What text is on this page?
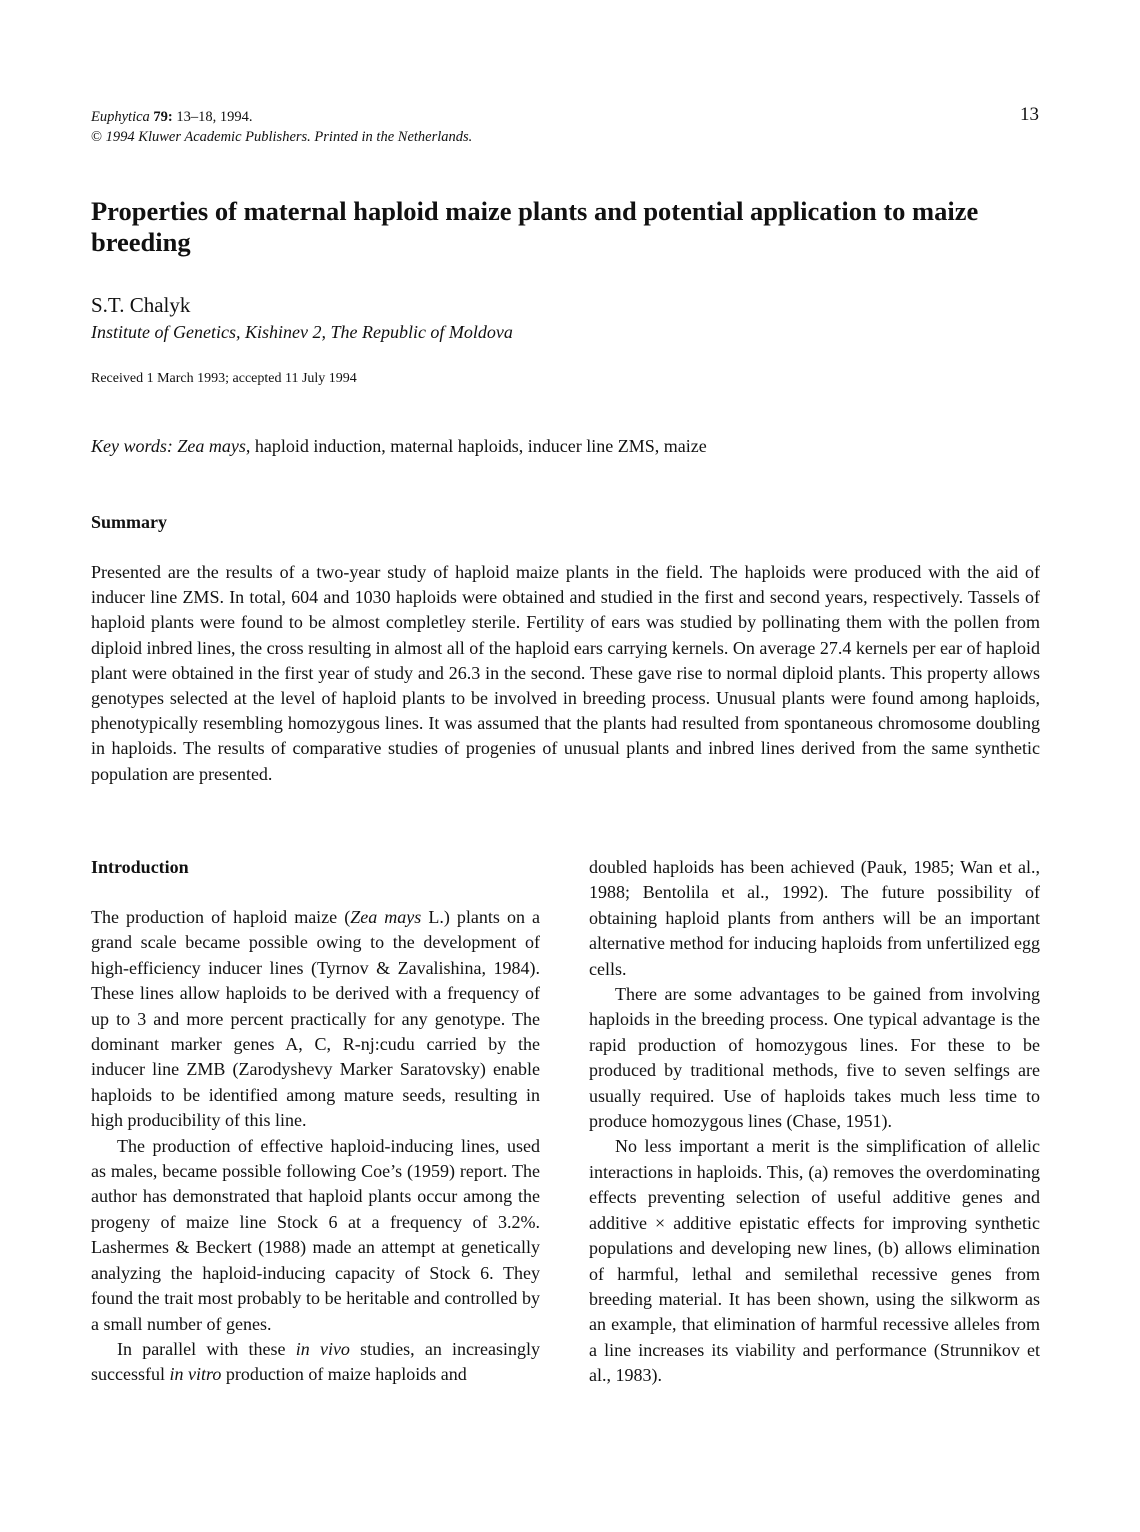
Euphytica 79: 13–18, 1994.
© 1994 Kluwer Academic Publishers. Printed in the Netherlands.
13
Properties of maternal haploid maize plants and potential application to maize breeding
S.T. Chalyk
Institute of Genetics, Kishinev 2, The Republic of Moldova
Received 1 March 1993; accepted 11 July 1994
Key words: Zea mays, haploid induction, maternal haploids, inducer line ZMS, maize
Summary

Presented are the results of a two-year study of haploid maize plants in the field. The haploids were produced with the aid of inducer line ZMS. In total, 604 and 1030 haploids were obtained and studied in the first and second years, respectively. Tassels of haploid plants were found to be almost completley sterile. Fertility of ears was studied by pollinating them with the pollen from diploid inbred lines, the cross resulting in almost all of the haploid ears carrying kernels. On average 27.4 kernels per ear of haploid plant were obtained in the first year of study and 26.3 in the second. These gave rise to normal diploid plants. This property allows genotypes selected at the level of haploid plants to be involved in breeding process. Unusual plants were found among haploids, phenotypically resembling homozygous lines. It was assumed that the plants had resulted from spontaneous chromosome doubling in haploids. The results of comparative studies of progenies of unusual plants and inbred lines derived from the same synthetic population are presented.

Introduction

The production of haploid maize (Zea mays L.) plants on a grand scale became possible owing to the development of high-efficiency inducer lines (Tyrnov & Zavalishina, 1984). These lines allow haploids to be derived with a frequency of up to 3 and more percent practically for any genotype. The dominant marker genes A, C, R-nj:cudu carried by the inducer line ZMB (Zarodyshevy Marker Saratovsky) enable haploids to be identified among mature seeds, resulting in high producibility of this line.

The production of effective haploid-inducing lines, used as males, became possible following Coe’s (1959) report. The author has demonstrated that haploid plants occur among the progeny of maize line Stock 6 at a frequency of 3.2%. Lashermes & Beckert (1988) made an attempt at genetically analyzing the haploid-inducing capacity of Stock 6. They found the trait most probably to be heritable and controlled by a small number of genes.

In parallel with these in vivo studies, an increasingly successful in vitro production of maize haploids and

doubled haploids has been achieved (Pauk, 1985; Wan et al., 1988; Bentolila et al., 1992). The future possibility of obtaining haploid plants from anthers will be an important alternative method for inducing haploids from unfertilized egg cells.

There are some advantages to be gained from involving haploids in the breeding process. One typical advantage is the rapid production of homozygous lines. For these to be produced by traditional methods, five to seven selfings are usually required. Use of haploids takes much less time to produce homozygous lines (Chase, 1951).

No less important a merit is the simplification of allelic interactions in haploids. This, (a) removes the overdominating effects preventing selection of useful additive genes and additive × additive epistatic effects for improving synthetic populations and developing new lines, (b) allows elimination of harmful, lethal and semilethal recessive genes from breeding material. It has been shown, using the silkworm as an example, that elimination of harmful recessive alleles from a line increases its viability and performance (Strunnikov et al., 1983).
